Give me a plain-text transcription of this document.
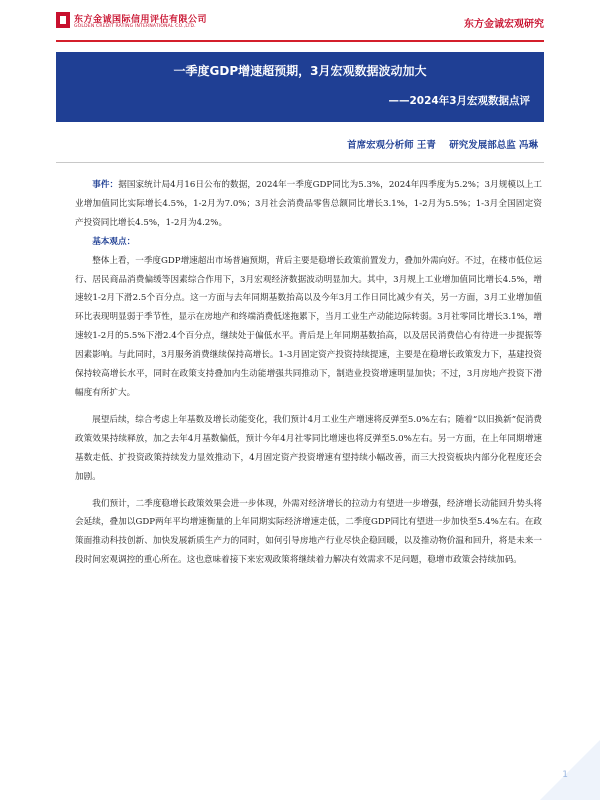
东方金诚国际信用评估有限公司
GOLDEN CREDIT RATING INTERNATIONAL CO.,LTD.	东方金诚宏观研究
一季度GDP增速超预期，3月宏观数据波动加大
——2024年3月宏观数据点评
首席宏观分析师 王青 研究发展部总监 冯琳

事件：据国家统计局4月16日公布的数据，2024年一季度GDP同比为5.3%，2024年四季度为5.2%；3月规模以上工业增加值同比实际增长4.5%，1-2月为7.0%；3月社会消费品零售总额同比增长3.1%，1-2月为5.5%；1-3月全国固定资产投资同比增长4.5%，1-2月为4.2%。

基本观点：

整体上看，一季度GDP增速超出市场普遍预期，背后主要是稳增长政策前置发力，叠加外需向好。不过，在楼市低位运行、居民商品消费偏缓等因素综合作用下，3月宏观经济数据波动明显加大。其中，3月规上工业增加值同比增长4.5%，增速较1-2月下滑2.5个百分点。这一方面与去年同期基数抬高以及今年3月工作日同比减少有关，另一方面，3月工业增加值环比表现明显弱于季节性，显示在房地产和终端消费低迷拖累下，当月工业生产动能边际转弱。3月社零同比增长3.1%，增速较1-2月的5.5%下滑2.4个百分点，继续处于偏低水平。背后是上年同期基数抬高，以及居民消费信心有待进一步提振等因素影响。与此同时，3月服务消费继续保持高增长。1-3月固定资产投资持续提速，主要是在稳增长政策发力下，基建投资保持较高增长水平，同时在政策支持叠加内生动能增强共同推动下，制造业投资增速明显加快；不过，3月房地产投资下滑幅度有所扩大。

展望后续，综合考虑上年基数及增长动能变化，我们预计4月工业生产增速将反弹至5.0%左右；随着“以旧换新”促消费政策效果持续释放，加之去年4月基数偏低，预计今年4月社零同比增速也将反弹至5.0%左右。另一方面，在上年同期增速基数走低、扩投资政策持续发力显效推动下，4月固定资产投资增速有望持续小幅改善，而三大投资板块内部分化程度还会加剧。

我们预计，二季度稳增长政策效果会进一步体现，外需对经济增长的拉动力有望进一步增强，经济增长动能回升势头将会延续，叠加以GDP两年平均增速衡量的上年同期实际经济增速走低，二季度GDP同比有望进一步加快至5.4%左右。在政策面推动科技创新、加快发展新质生产力的同时，如何引导房地产行业尽快企稳回暖，以及推动物价温和回升，将是未来一段时间宏观调控的重心所在。这也意味着接下来宏观政策将继续着力解决有效需求不足问题，稳增市政策会持续加码。

1
